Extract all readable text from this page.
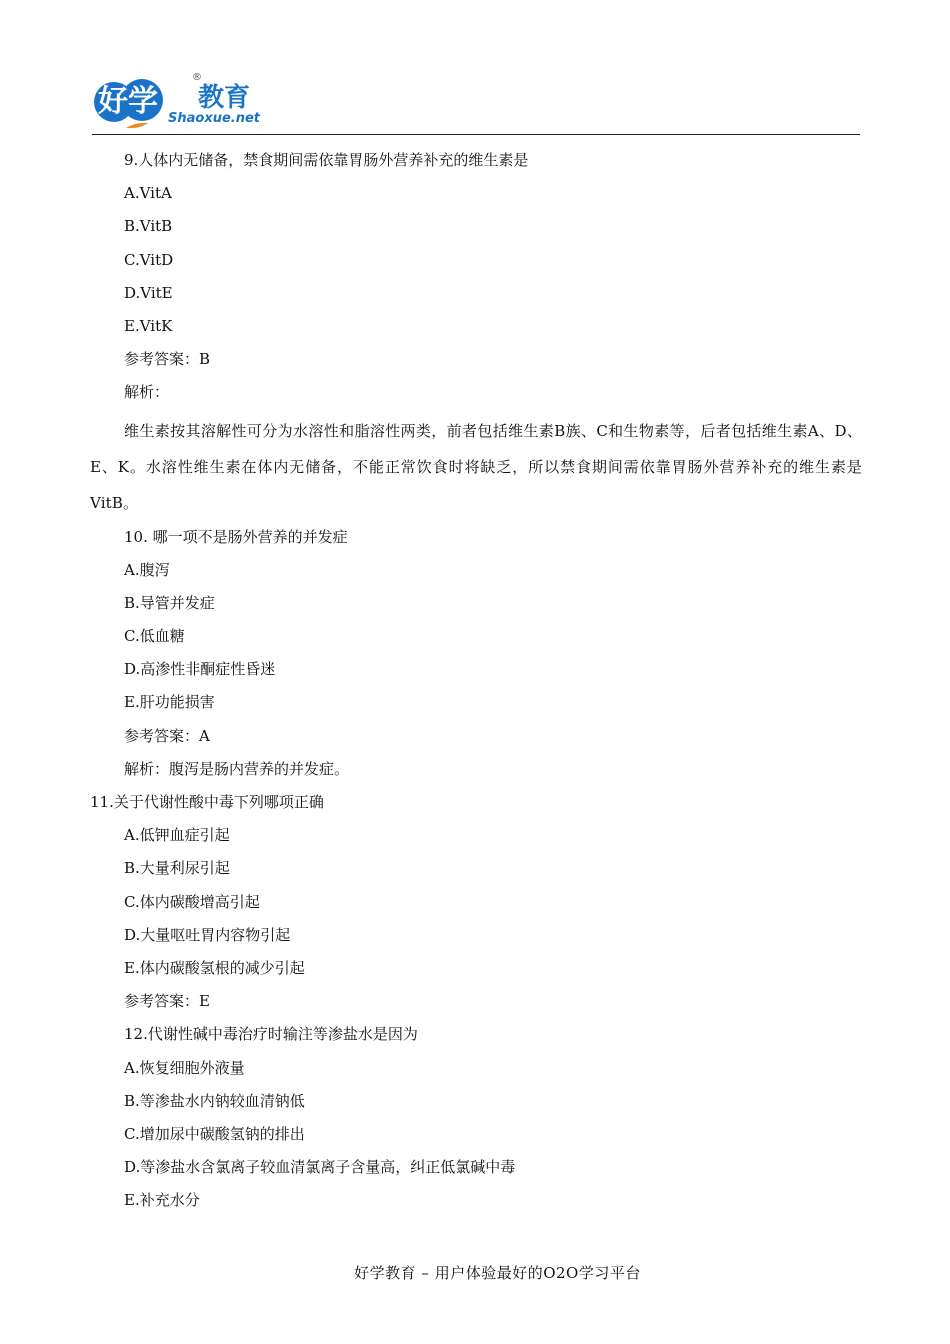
好学 教育
®
Shaoxue.net
9.人体内无储备，禁食期间需依靠胃肠外营养补充的维生素是
A.VitA
B.VitB
C.VitD
D.VitE
E.VitK
参考答案：B
解析：

维生素按其溶解性可分为水溶性和脂溶性两类，前者包括维生素B族、C和生物素等，后者包括维生素A、D、E、K。水溶性维生素在体内无储备，不能正常饮食时将缺乏，所以禁食期间需依靠胃肠外营养补充的维生素是VitB。

10. 哪一项不是肠外营养的并发症
A.腹泻
B.导管并发症
C.低血糖
D.高渗性非酮症性昏迷
E.肝功能损害
参考答案：A
解析：腹泻是肠内营养的并发症。
11.关于代谢性酸中毒下列哪项正确
A.低钾血症引起
B.大量利尿引起
C.体内碳酸增高引起
D.大量呕吐胃内容物引起
E.体内碳酸氢根的减少引起
参考答案：E
12.代谢性碱中毒治疗时输注等渗盐水是因为
A.恢复细胞外液量
B.等渗盐水内钠较血清钠低
C.增加尿中碳酸氢钠的排出
D.等渗盐水含氯离子较血清氯离子含量高，纠正低氯碱中毒
E.补充水分
好学教育 – 用户体验最好的O2O学习平台
